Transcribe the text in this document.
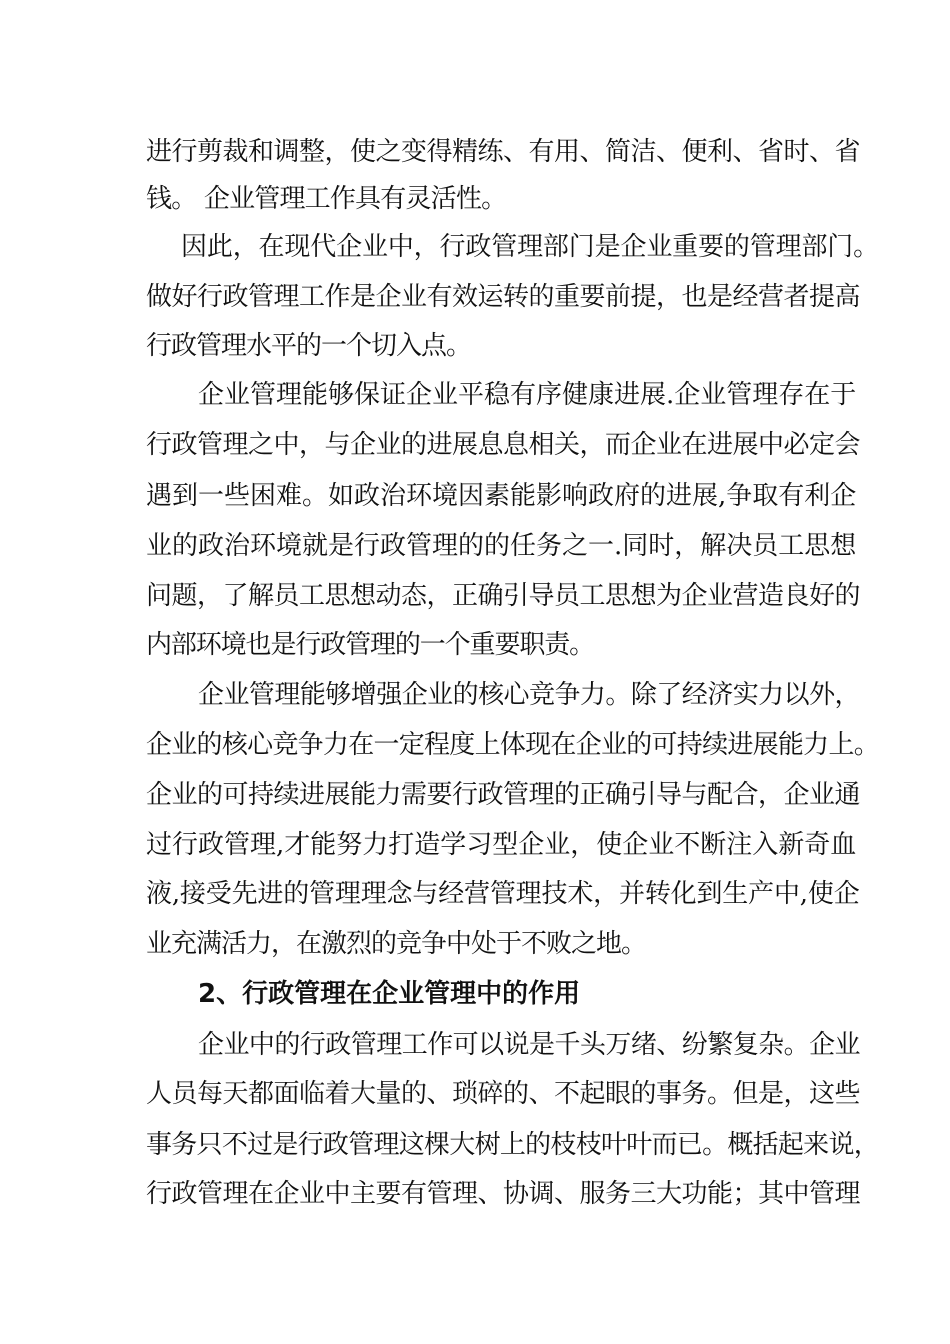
进行剪裁和调整，使之变得精练、有用、简洁、便利、省时、省
钱。 企业管理工作具有灵活性。
因此，在现代企业中，行政管理部门是企业重要的管理部门。
做好行政管理工作是企业有效运转的重要前提，也是经营者提高
行政管理水平的一个切入点。
企业管理能够保证企业平稳有序健康进展.企业管理存在于
行政管理之中，与企业的进展息息相关，而企业在进展中必定会
遇到一些困难。如政治环境因素能影响政府的进展,争取有利企
业的政治环境就是行政管理的的任务之一.同时，解决员工思想
问题，了解员工思想动态，正确引导员工思想为企业营造良好的
内部环境也是行政管理的一个重要职责。
企业管理能够增强企业的核心竞争力。除了经济实力以外，
企业的核心竞争力在一定程度上体现在企业的可持续进展能力上。
企业的可持续进展能力需要行政管理的正确引导与配合，企业通
过行政管理,才能努力打造学习型企业，使企业不断注入新奇血
液,接受先进的管理理念与经营管理技术，并转化到生产中,使企
业充满活力，在激烈的竞争中处于不败之地。
2、行政管理在企业管理中的作用
企业中的行政管理工作可以说是千头万绪、纷繁复杂。企业
人员每天都面临着大量的、琐碎的、不起眼的事务。但是，这些
事务只不过是行政管理这棵大树上的枝枝叶叶而已。概括起来说，
行政管理在企业中主要有管理、协调、服务三大功能；其中管理
